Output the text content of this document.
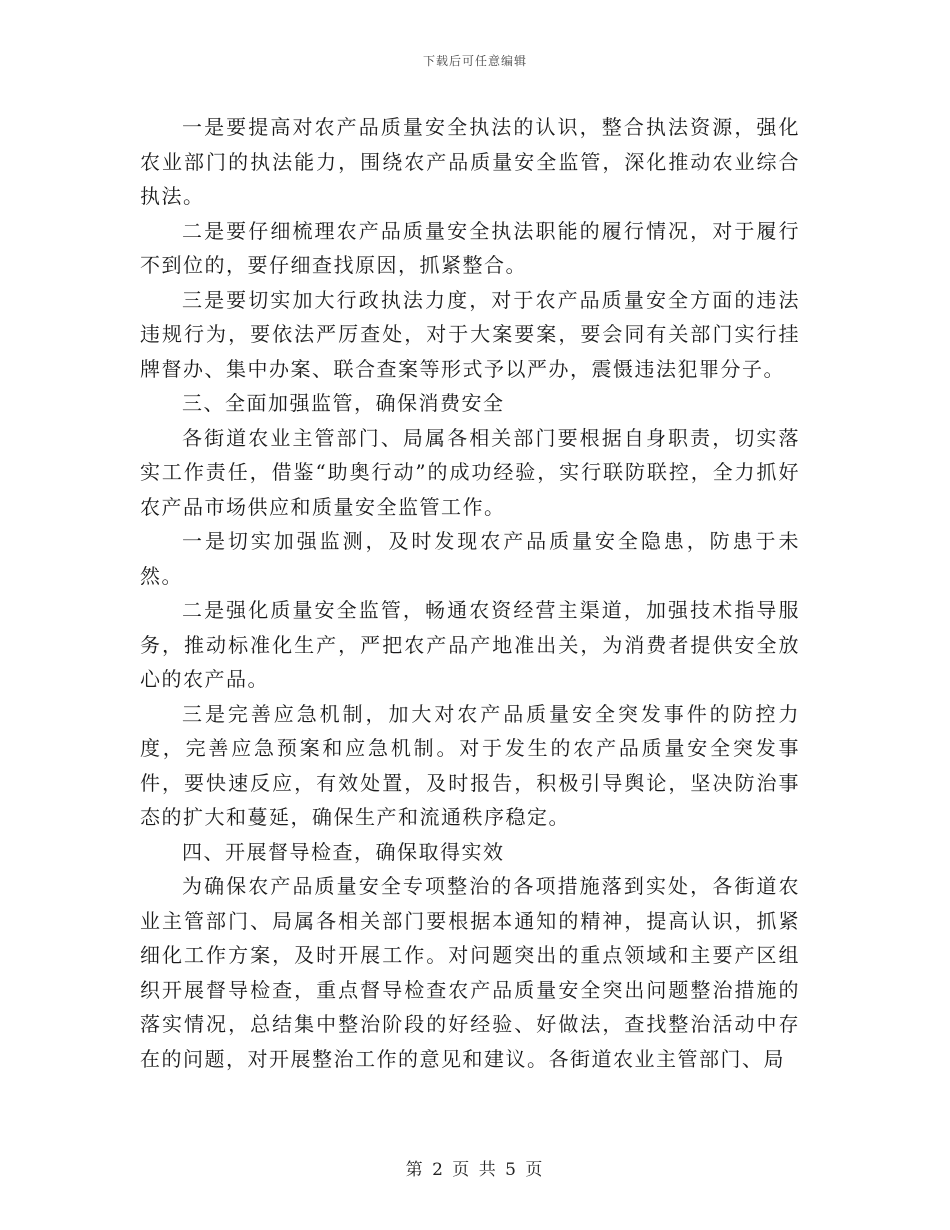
下载后可任意编辑

一是要提高对农产品质量安全执法的认识，整合执法资源，强化农业部门的执法能力，围绕农产品质量安全监管，深化推动农业综合执法。

二是要仔细梳理农产品质量安全执法职能的履行情况，对于履行不到位的，要仔细查找原因，抓紧整合。

三是要切实加大行政执法力度，对于农产品质量安全方面的违法违规行为，要依法严厉查处，对于大案要案，要会同有关部门实行挂牌督办、集中办案、联合查案等形式予以严办，震慑违法犯罪分子。

三、全面加强监管，确保消费安全

各街道农业主管部门、局属各相关部门要根据自身职责，切实落实工作责任，借鉴“助奥行动”的成功经验，实行联防联控，全力抓好农产品市场供应和质量安全监管工作。

一是切实加强监测，及时发现农产品质量安全隐患，防患于未然。

二是强化质量安全监管，畅通农资经营主渠道，加强技术指导服务，推动标准化生产，严把农产品产地准出关，为消费者提供安全放心的农产品。

三是完善应急机制，加大对农产品质量安全突发事件的防控力度，完善应急预案和应急机制。对于发生的农产品质量安全突发事件，要快速反应，有效处置，及时报告，积极引导舆论，坚决防治事态的扩大和蔓延，确保生产和流通秩序稳定。

四、开展督导检查，确保取得实效

为确保农产品质量安全专项整治的各项措施落到实处，各街道农业主管部门、局属各相关部门要根据本通知的精神，提高认识，抓紧细化工作方案，及时开展工作。对问题突出的重点领域和主要产区组织开展督导检查，重点督导检查农产品质量安全突出问题整治措施的落实情况，总结集中整治阶段的好经验、好做法，查找整治活动中存在的问题，对开展整治工作的意见和建议。各街道农业主管部门、局

第 2 页 共 5 页
